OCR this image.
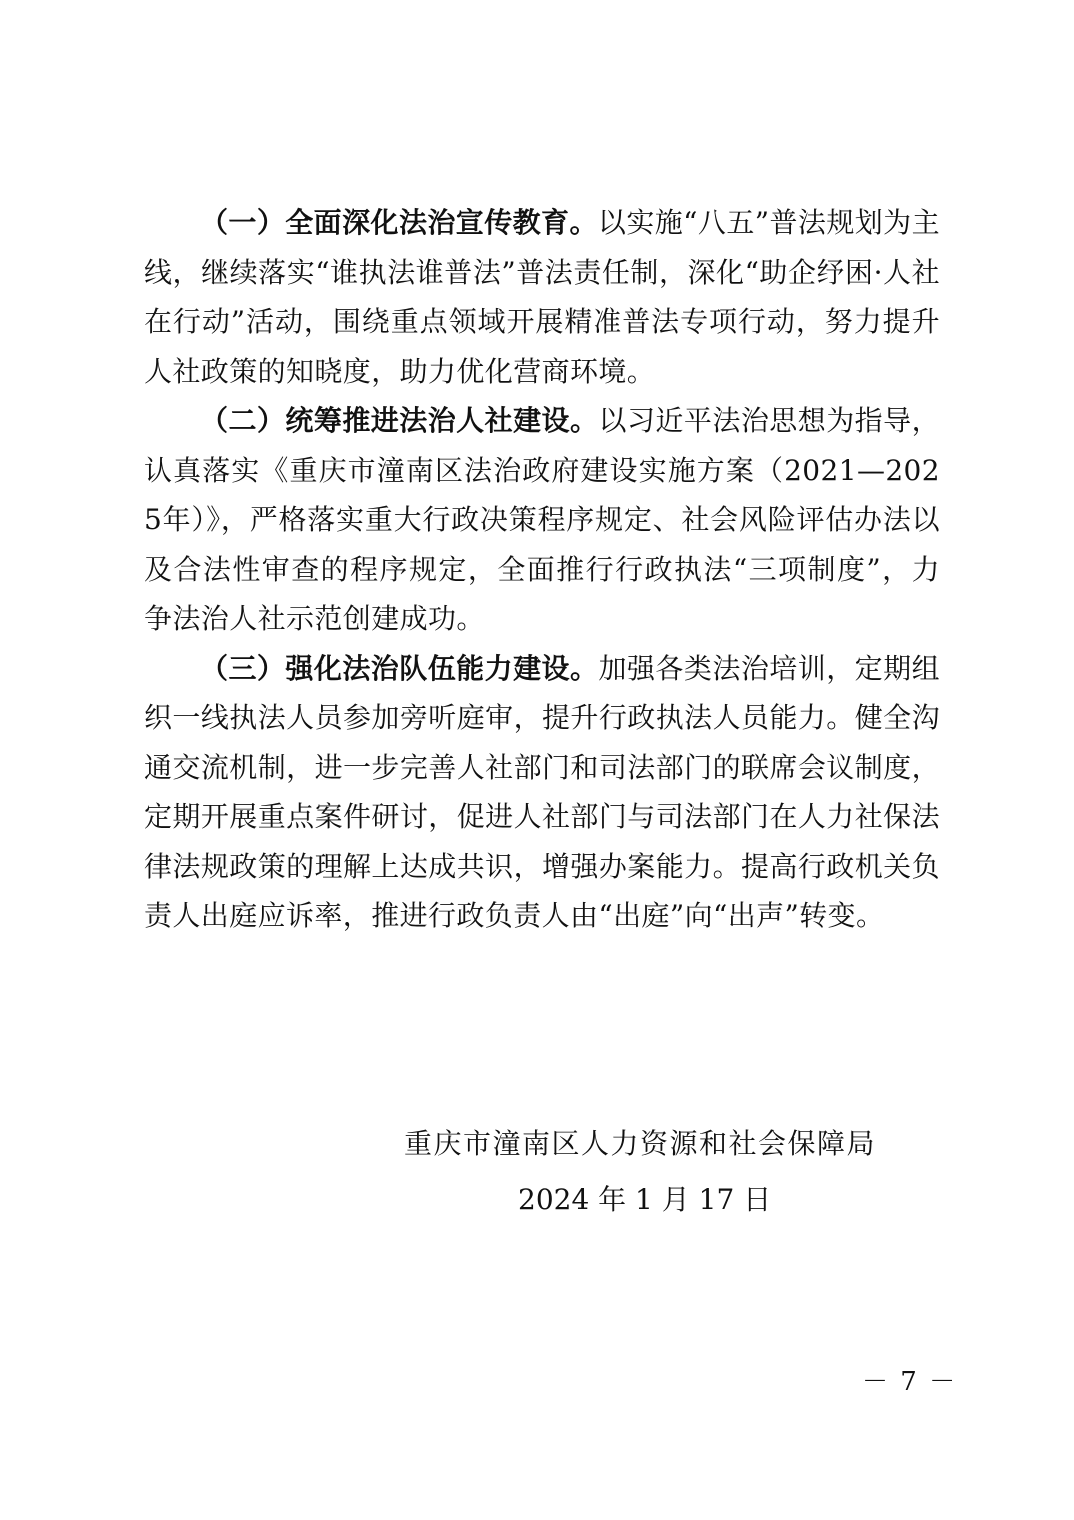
（一）全面深化法治宣传教育。以实施“八五”普法规划为主线，继续落实“谁执法谁普法”普法责任制，深化“助企纾困·人社在行动”活动，围绕重点领域开展精准普法专项行动，努力提升人社政策的知晓度，助力优化营商环境。

（二）统筹推进法治人社建设。以习近平法治思想为指导，认真落实《重庆市潼南区法治政府建设实施方案（2021—2025年）》，严格落实重大行政决策程序规定、社会风险评估办法以及合法性审查的程序规定，全面推行行政执法“三项制度”，力争法治人社示范创建成功。

（三）强化法治队伍能力建设。加强各类法治培训，定期组织一线执法人员参加旁听庭审，提升行政执法人员能力。健全沟通交流机制，进一步完善人社部门和司法部门的联席会议制度，定期开展重点案件研讨，促进人社部门与司法部门在人力社保法律法规政策的理解上达成共识，增强办案能力。提高行政机关负责人出庭应诉率，推进行政负责人由“出庭”向“出声”转变。

重庆市潼南区人力资源和社会保障局
2024 年 1 月 17 日
－ 7 －
